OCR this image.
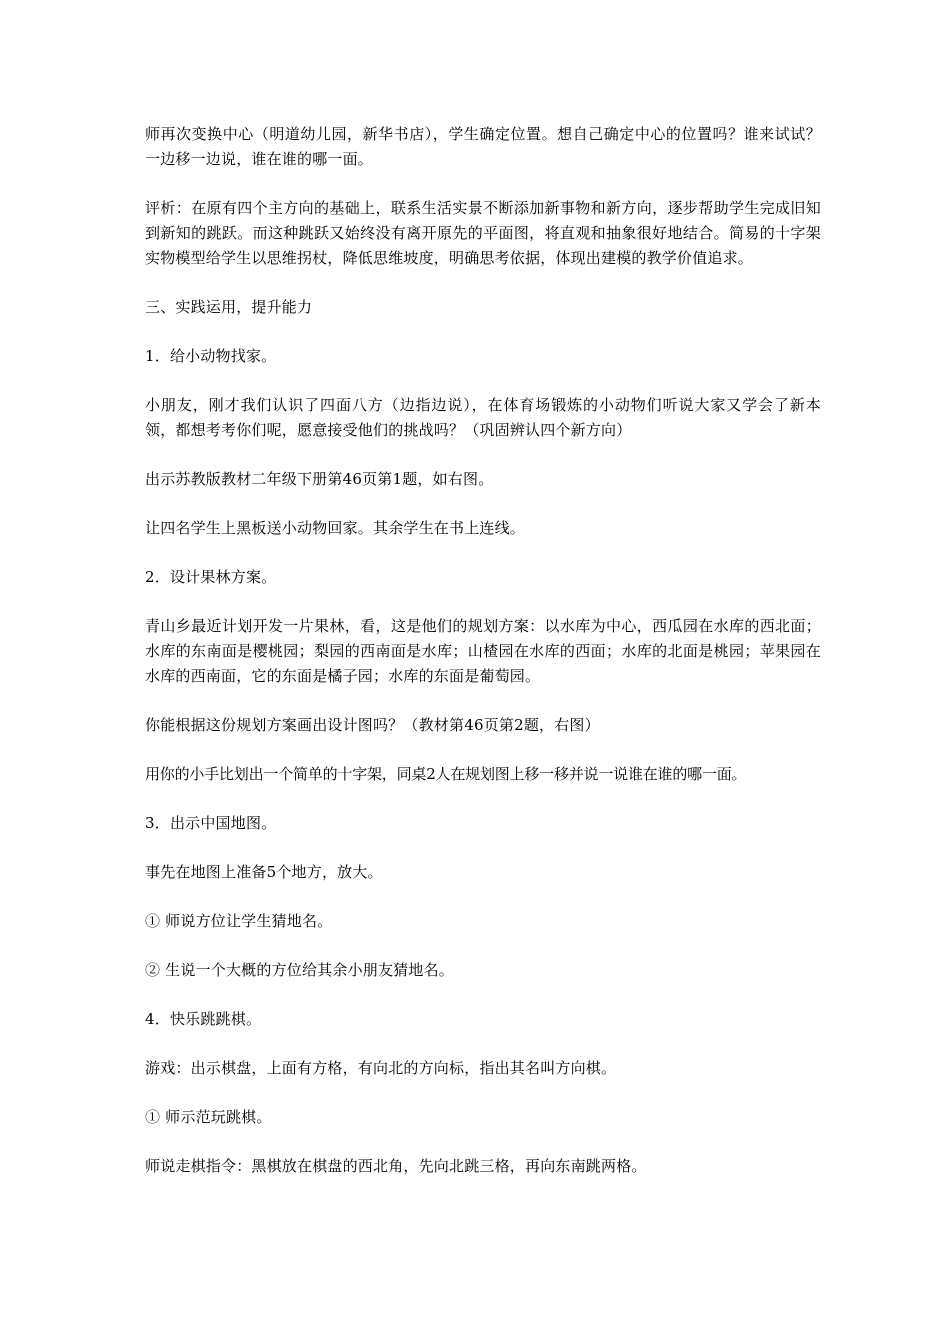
师再次变换中心（明道幼儿园，新华书店），学生确定位置。想自己确定中心的位置吗？谁来试试？一边移一边说，谁在谁的哪一面。

评析：在原有四个主方向的基础上，联系生活实景不断添加新事物和新方向，逐步帮助学生完成旧知到新知的跳跃。而这种跳跃又始终没有离开原先的平面图，将直观和抽象很好地结合。简易的十字架实物模型给学生以思维拐杖，降低思维坡度，明确思考依据，体现出建模的教学价值追求。

三、实践运用，提升能力

1．给小动物找家。

小朋友，刚才我们认识了四面八方（边指边说），在体育场锻炼的小动物们听说大家又学会了新本领，都想考考你们呢，愿意接受他们的挑战吗？（巩固辨认四个新方向）

出示苏教版教材二年级下册第46页第1题，如右图。

让四名学生上黑板送小动物回家。其余学生在书上连线。

2．设计果林方案。

青山乡最近计划开发一片果林，看，这是他们的规划方案：以水库为中心，西瓜园在水库的西北面；水库的东南面是樱桃园；梨园的西南面是水库；山楂园在水库的西面；水库的北面是桃园；苹果园在水库的西南面，它的东面是橘子园；水库的东面是葡萄园。

你能根据这份规划方案画出设计图吗？（教材第46页第2题，右图）

用你的小手比划出一个简单的十字架，同桌2人在规划图上移一移并说一说谁在谁的哪一面。

3．出示中国地图。

事先在地图上准备5个地方，放大。

① 师说方位让学生猜地名。

② 生说一个大概的方位给其余小朋友猜地名。

4．快乐跳跳棋。

游戏：出示棋盘，上面有方格，有向北的方向标，指出其名叫方向棋。

① 师示范玩跳棋。

师说走棋指令：黑棋放在棋盘的西北角，先向北跳三格，再向东南跳两格。
